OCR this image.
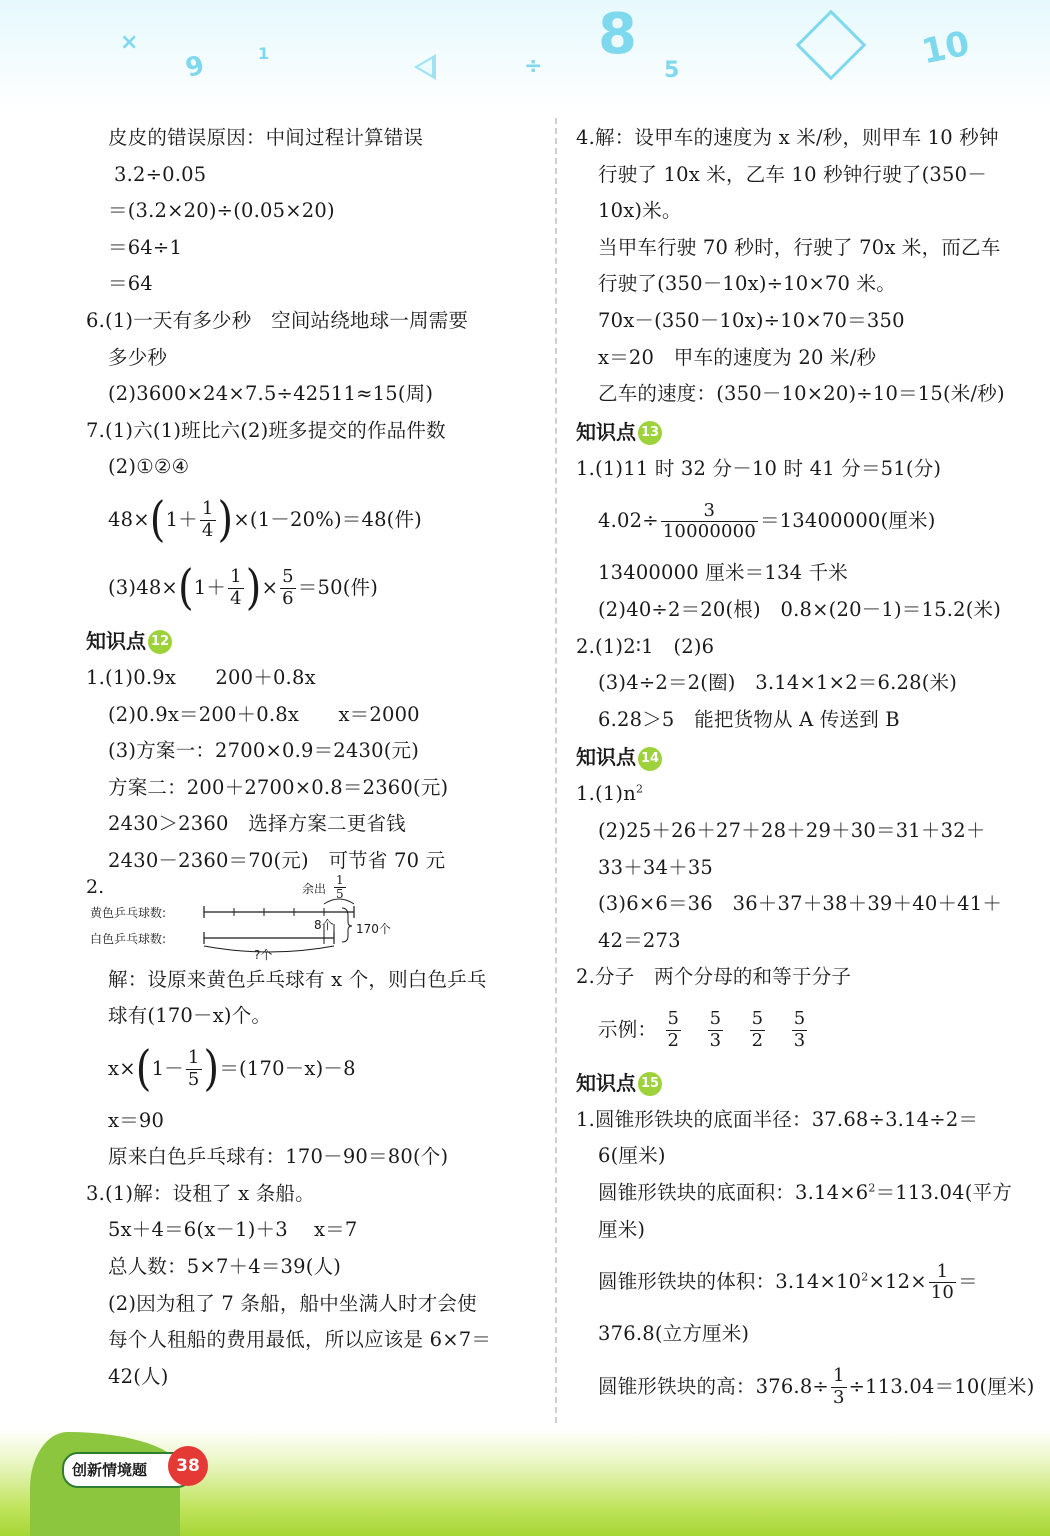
9	1
×
÷ 8
5	10
皮皮的错误原因：中间过程计算错误
3.2÷0.05
＝(3.2×20)÷(0.05×20)
＝64÷1
＝64
6.(1)一天有多少秒　空间站绕地球一周需要
多少秒
(2)3600×24×7.5÷42511≈15(周)
7.(1)六(1)班比六(2)班多提交的作品件数
(2)①②④
$48\times(1+ \frac{1}{4} )\times(1-20\%)=48$(件)
$(3)48\times(1+ \frac{1}{4}$ )× $\frac{5}{6} =50$(件)
知识点 12
1.(1)0.9x　　200＋0.8x
(2)0.9x＝200＋0.8x　　x＝2000
(3)方案一：2700×0.9＝2430(元)
方案二：200＋2700×0.8＝2360(元)
2430＞2360　选择方案二更省钱
2430－2360＝70(元)　可节省 70 元
2.
黄色乒乓球数:
白色乒乓球数:
余出 $\frac{1}{5}$
8个 170个
?个
解：设原来黄色乒乓球有 x 个，则白色乒乓
球有(170－x)个。
$x\times(1- \frac{1}{5} )=(170-x)-8$
x＝90
原来白色乒乓球有：170－90＝80(个)
3.(1)解：设租了 x 条船。
5x＋4＝6(x－1)＋3　 x＝7
总人数：5×7＋4＝39(人)
(2)因为租了 7 条船，船中坐满人时才会使
每个人租船的费用最低，所以应该是 6×7＝
42(人)
4.解：设甲车的速度为 x 米/秒，则甲车 10 秒钟
行驶了 10x 米，乙车 10 秒钟行驶了(350－
10x)米。
当甲车行驶 70 秒时，行驶了 70x 米，而乙车
行驶了(350－10x)÷10×70 米。
70x－(350－10x)÷10×70＝350
x＝20　甲车的速度为 20 米/秒
乙车的速度：(350－10×20)÷10＝15(米/秒)
知识点 13
1.(1)11 时 32 分－10 时 41 分＝51(分)
$4.02\div \frac{3}{10000000} =13400000$(厘米)
13400000 厘米＝134 千米
(2)40÷2＝20(根)　0.8×(20－1)＝15.2(米)
2.(1)2∶1　(2)6
(3)4÷2＝2(圈)　3.14×1×2＝6.28(米)
6.28＞5　能把货物从 A 传送到 B
知识点 14
$1.(1)n^2$
(2)25＋26＋27＋28＋29＋30＝31＋32＋
33＋34＋35
(3)6×6＝36　36＋37＋38＋39＋40＋41＋
42＝273
2.分子　两个分母的和等于分子
示例： $\frac{5}{2}$
$\frac{5}{3}$
$\frac{5}{2}$
$\frac{5}{3}$
知识点 15
1.圆锥形铁块的底面半径：37.68÷3.14÷2＝
6(厘米)
圆锥形铁块的底面积：$3.14\times 6^2=113.04$(平方
厘米)
圆锥形铁块的体积：$3.14\times 10^2\times 12\times \frac{1}{10}$ ＝
376.8(立方厘米)
圆锥形铁块的高：$376.8\div \frac{1}{3} \div 113.04=10$(厘米)
创新情境题	38
